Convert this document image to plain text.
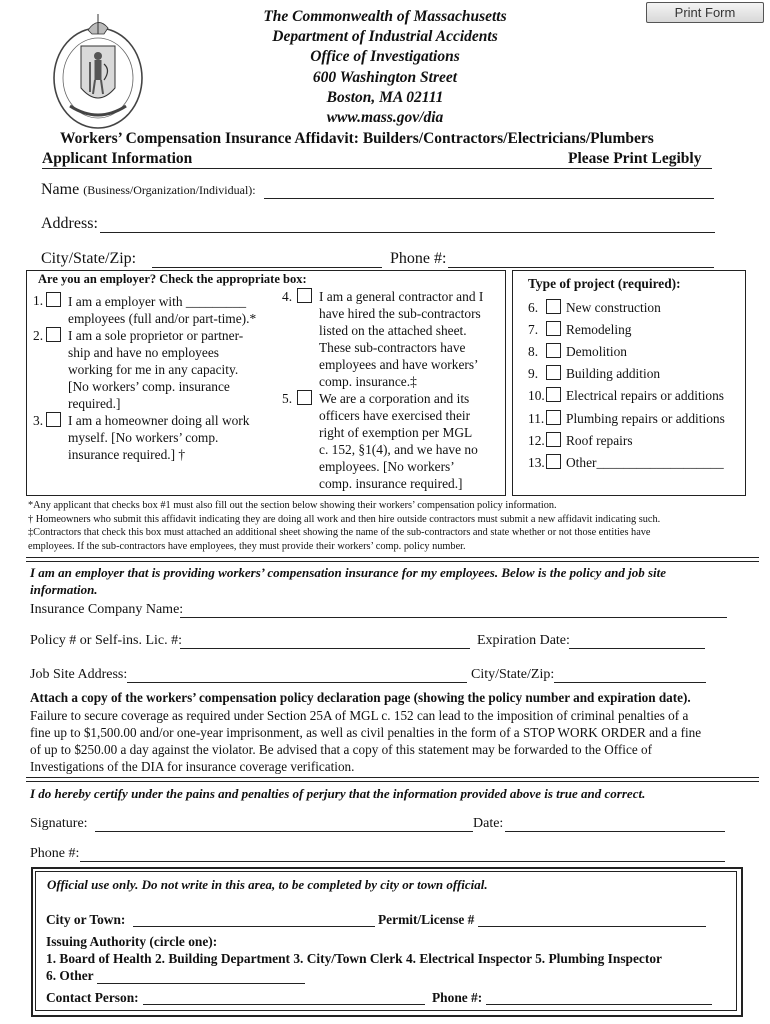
Print Form
The Commonwealth of Massachusetts
Department of Industrial Accidents
Office of Investigations
600 Washington Street
Boston, MA 02111
www.mass.gov/dia
Workers’ Compensation Insurance Affidavit: Builders/Contractors/Electricians/Plumbers
Applicant Information	Please Print Legibly
Name (Business/Organization/Individual):
Address:
City/State/Zip:	Phone #:
Are you an employer? Check the appropriate box:
1. I am a employer with _________
employees (full and/or part-time).*
2. I am a sole proprietor or partner-
ship and have no employees
working for me in any capacity.
[No workers’ comp. insurance
required.]
3. I am a homeowner doing all work
myself. [No workers’ comp.
insurance required.] †
4. I am a general contractor and I
have hired the sub-contractors
listed on the attached sheet.
These sub-contractors have
employees and have workers’
comp. insurance.‡
5. We are a corporation and its
officers have exercised their
right of exemption per MGL
c. 152, §1(4), and we have no
employees. [No workers’
comp. insurance required.]
Type of project (required):
6. New construction
7. Remodeling
8. Demolition
9. Building addition
10. Electrical repairs or additions
11. Plumbing repairs or additions
12. Roof repairs
13. Other___________________
*Any applicant that checks box #1 must also fill out the section below showing their workers’ compensation policy information.
† Homeowners who submit this affidavit indicating they are doing all work and then hire outside contractors must submit a new affidavit indicating such.
‡Contractors that check this box must attached an additional sheet showing the name of the sub-contractors and state whether or not those entities have
employees. If the sub-contractors have employees, they must provide their workers’ comp. policy number.
I am an employer that is providing workers’ compensation insurance for my employees. Below is the policy and job site
information.
Insurance Company Name:
Policy # or Self-ins. Lic. #:	Expiration Date:
Job Site Address:	City/State/Zip:
Attach a copy of the workers’ compensation policy declaration page (showing the policy number and expiration date).
Failure to secure coverage as required under Section 25A of MGL c. 152 can lead to the imposition of criminal penalties of a
fine up to $1,500.00 and/or one-year imprisonment, as well as civil penalties in the form of a STOP WORK ORDER and a fine
of up to $250.00 a day against the violator. Be advised that a copy of this statement may be forwarded to the Office of
Investigations of the DIA for insurance coverage verification.
I do hereby certify under the pains and penalties of perjury that the information provided above is true and correct.
Signature:	Date:
Phone #:
Official use only. Do not write in this area, to be completed by city or town official.
City or Town:	Permit/License #
Issuing Authority (circle one):
1. Board of Health 2. Building Department 3. City/Town Clerk 4. Electrical Inspector 5. Plumbing Inspector
6. Other
Contact Person:	Phone #:
